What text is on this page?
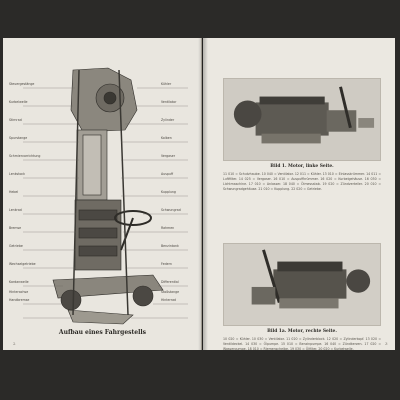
Aufbau eines Fahrgestells
2
Steuergestänge
Kurbelwelle
Stirnrad
Spurstange
Schmiervorrichtung
Lenkstock
Hebel
Lenkrad
Bremse
Getriebe
Wechselgetriebe
Kardanwelle
Handbremse
Hinterachse
Kühler
Ventilator
Zylinder
Kolben
Vergaser
Auspuff
Kupplung
Schwungrad
Rahmen
Benzintank
Federn
Differential
Hinterrad
Stoßstange
Bild 1. Motor, linke Seite.
11 010 = Schutzhaube. 10 040 = Ventilator. 12 011 = Kühler. 13 010 = Einlasskrümmer. 14 011 = Luftfilter. 14 025 = Vergaser. 16 010 = Auspuffkrümmer. 16 020 = Kurbelgehäuse. 16 030 = Lichtmaschine. 17 010 = Anlasser. 18 040 = Ölmessstab. 19 020 = Zündverteiler. 20 010 = Schwungradgehäuse. 21 010 = Kupplung. 22 020 = Getriebe.
Bild 1a. Motor, rechte Seite.
10 020 = Kühler. 10 030 = Ventilator. 11 020 = Zylinderblock. 12 020 = Zylinderkopf. 13 020 = Ventildeckel. 14 030 = Ölpumpe. 15 010 = Benzinpumpe. 16 040 = Zündkerzen. 17 020 = Wasserpumpe. 18 010 = Riemenscheibe. 19 030 = Ölfilter. 20 020 = Kurbelwelle.
3
